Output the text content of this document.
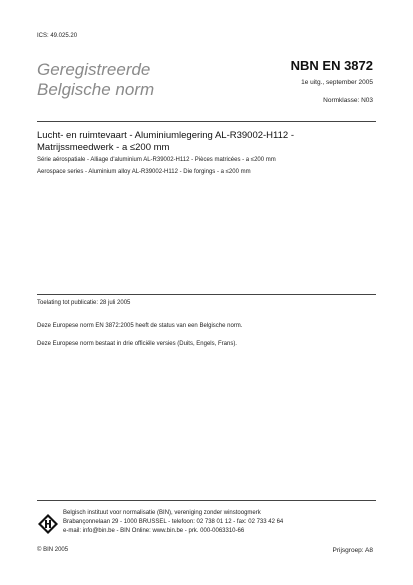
ICS: 49.025.20
Geregistreerde
Belgische norm
NBN EN 3872
1e uitg., september 2005
Normklasse: N03
Lucht- en ruimtevaart - Aluminiumlegering AL-R39002-H112 -
Matrijssmeedwerk - a ≤200 mm
Série aérospatiale - Alliage d'aluminium AL-R39002-H112 - Pièces matricées - a ≤200 mm
Aerospace series - Aluminium alloy AL-R39002-H112 - Die forgings - a ≤200 mm
Toelating tot publicatie: 28 juli 2005
Deze Europese norm EN 3872:2005 heeft de status van een Belgische norm.
Deze Europese norm bestaat in drie officiële versies (Duits, Engels, Frans).
Belgisch instituut voor normalisatie (BIN), vereniging zonder winstoogmerk
Brabançonnelaan 29 - 1000 BRUSSEL - telefoon: 02 738 01 12 - fax: 02 733 42 64
e-mail: info@bin.be - BIN Online: www.bin.be - prk. 000-0063310-66
© BIN 2005	Prijsgroep: A8
